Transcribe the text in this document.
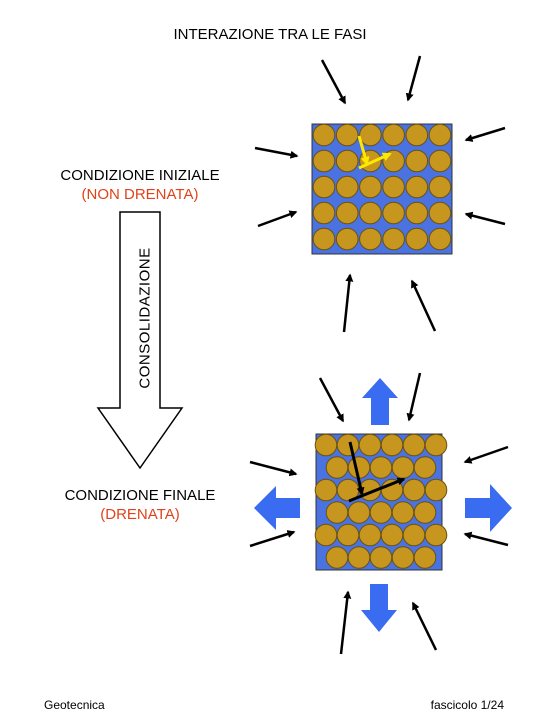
INTERAZIONE TRA LE FASI
CONDIZIONE INIZIALE
(NON DRENATA)
CONDIZIONE FINALE
(DRENATA)
CONSOLIDAZIONE
Geotecnica	fascicolo 1/24
